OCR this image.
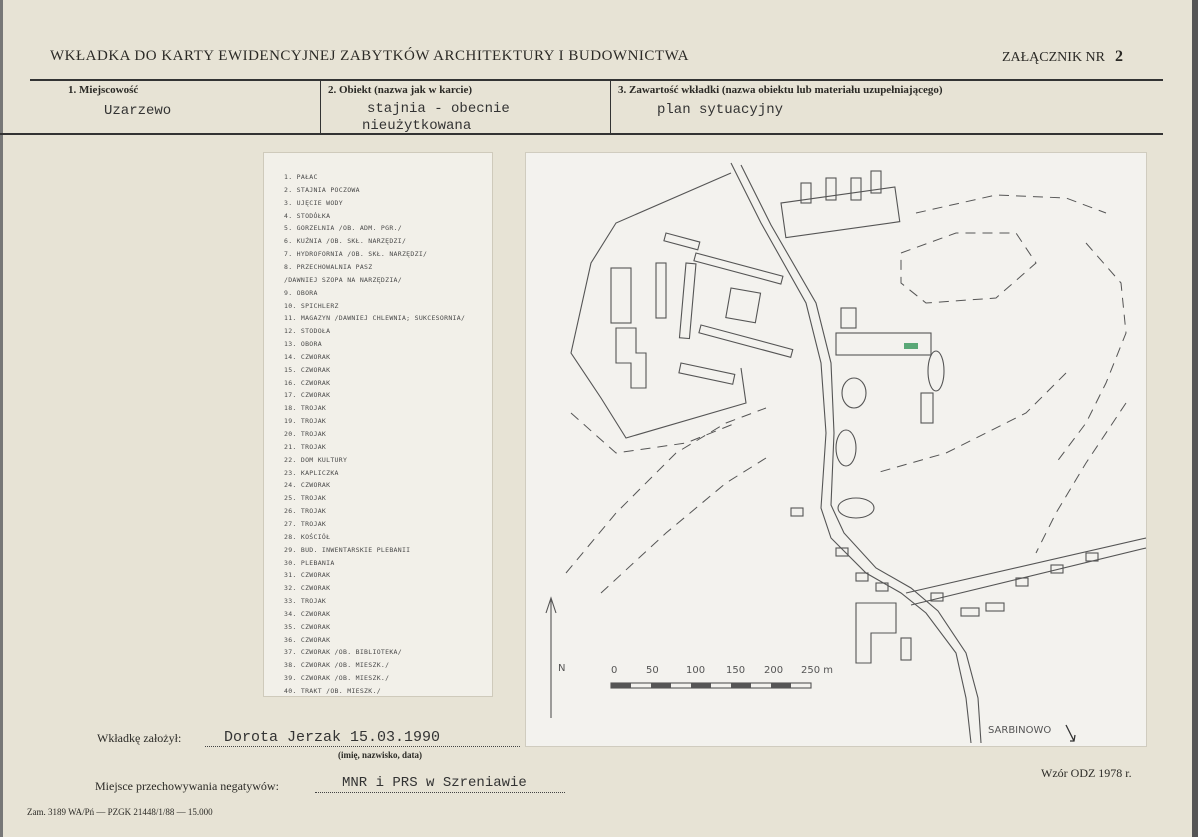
WKŁADKA DO KARTY EWIDENCYJNEJ ZABYTKÓW ARCHITEKTURY I BUDOWNICTWA	ZAŁĄCZNIK NR 2
1. Miejscowość
Uzarzewo
2. Obiekt (nazwa jak w karcie)
stajnia - obecnie
nieużytkowana
3. Zawartość wkładki (nazwa obiektu lub materiału uzupełniającego)
plan sytuacyjny
1. PAŁAC
2. STAJNIA POCZOWA
3. UJĘCIE WODY
4. STODÓŁKA
5. GORZELNIA /OB. ADM. PGR./
6. KUŹNIA /OB. SKŁ. NARZĘDZI/
7. HYDROFORNIA /OB. SKŁ. NARZĘDZI/
8. PRZECHOWALNIA PASZ
/DAWNIEJ SZOPA NA NARZĘDZIA/
9. OBORA
10. SPICHLERZ
11. MAGAZYN /DAWNIEJ CHLEWNIA; SUKCESORNIA/
12. STODOŁA
13. OBORA
14. CZWORAK
15. CZWORAK
16. CZWORAK
17. CZWORAK
18. TROJAK
19. TROJAK
20. TROJAK
21. TROJAK
22. DOM KULTURY
23. KAPLICZKA
24. CZWORAK
25. TROJAK
26. TROJAK
27. TROJAK
28. KOŚCIÓŁ
29. BUD. INWENTARSKIE PLEBANII
30. PLEBANIA
31. CZWORAK
32. CZWORAK
33. TROJAK
34. CZWORAK
35. CZWORAK
36. CZWORAK
37. CZWORAK /OB. BIBLIOTEKA/
38. CZWORAK /OB. MIESZK./
39. CZWORAK /OB. MIESZK./
40. TRAKT /OB. MIESZK./
0	50	100 150 200 250 m
N
SARBINOWO
Wkładkę założył:	Dorota Jerzak 15.03.1990
(imię, nazwisko, data)
Miejsce przechowywania negatywów:	MNR i PRS w Szreniawie
Wzór ODZ 1978 r.
Zam. 3189 WA/Pń — PZGK 21448/1/88 — 15.000
